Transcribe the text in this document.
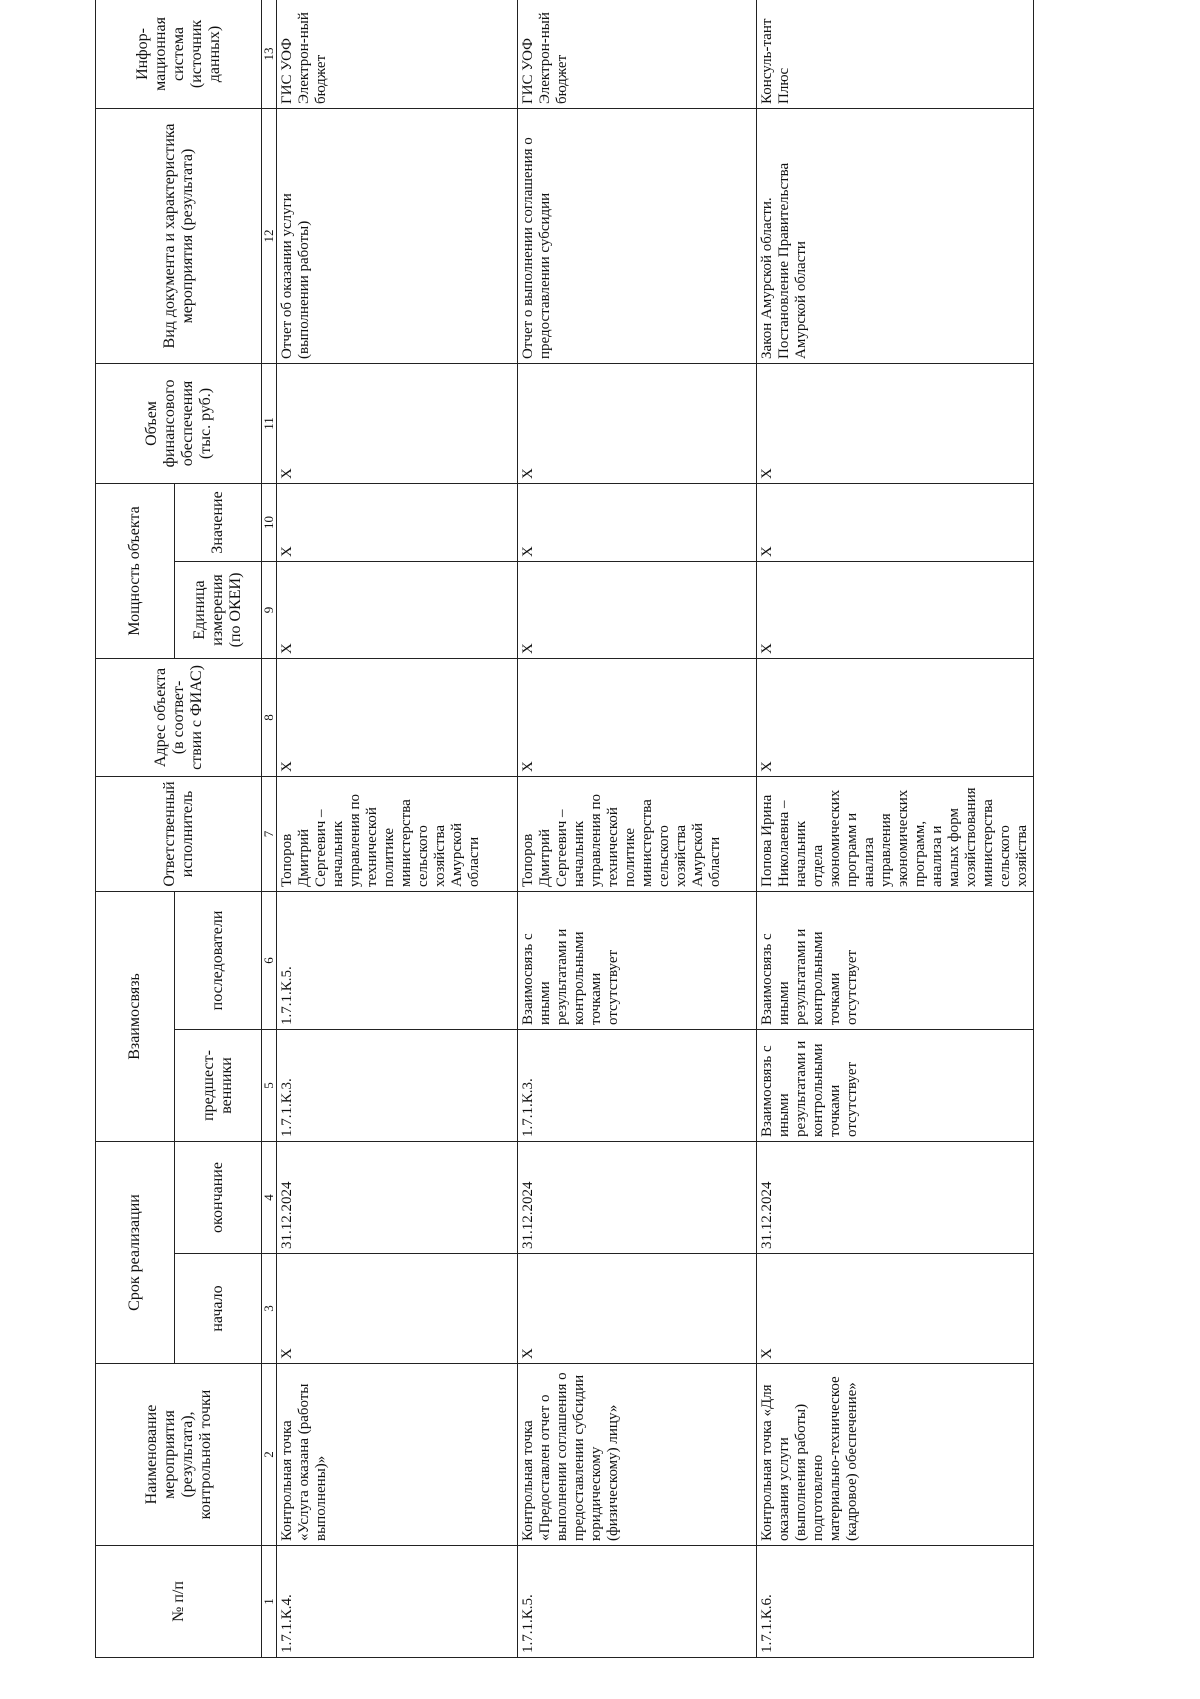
№ п/п	Наименование мероприятия (результата), контрольной точки	Срок реализации		Взаимосвязь		Ответственный исполнитель	Адрес объекта (в соответ-ствии с ФИАС)	Мощность объекта		Объем финансового обеспечения (тыс. руб.)	Вид документа и характеристика мероприятия (результата)	Инфор-мационная система (источник данных)
		начало	окончание	предшест-венники	последователи			Единица измерения (по ОКЕИ)	Значение			
1	2	3	4	5	6	7	8	9	10	11	12	13
1.7.1.К.4.	Контрольная точка «Услуга оказана (работы выполнены)»	X	31.12.2024	1.7.1.К.3.	1.7.1.К.5.	Топоров Дмитрий Сергеевич – начальник управления по технической политике министерства сельского хозяйства Амурской области	X	X	X	X	Отчет об оказании услуги (выполнении работы)	ГИС УОФ Электрон-ный бюджет
1.7.1.К.5.	Контрольная точка «Предоставлен отчет о выполнении соглашения о предоставлении субсидии юридическому (физическому) лицу»	X	31.12.2024	1.7.1.К.3.	Взаимосвязь с иными результатами и контрольными точками отсутствует	Топоров Дмитрий Сергеевич – начальник управления по технической политике министерства сельского хозяйства Амурской области	X	X	X	X	Отчет о выполнении соглашения о предоставлении субсидии	ГИС УОФ Электрон-ный бюджет
1.7.1.К.6.	Контрольная точка «Для оказания услуги (выполнения работы) подготовлено материально-техническое (кадровое) обеспечение»	X	31.12.2024	Взаимосвязь с иными результатами и контрольными точками отсутствует	Взаимосвязь с иными результатами и контрольными точками отсутствует	Попова Ирина Николаевна – начальник отдела экономических программ и анализа управления экономических программ, анализа и малых форм хозяйствования министерства сельского хозяйства	X	X	X	X	Закон Амурской области. Постановление Правительства Амурской области	Консуль-тант Плюс
